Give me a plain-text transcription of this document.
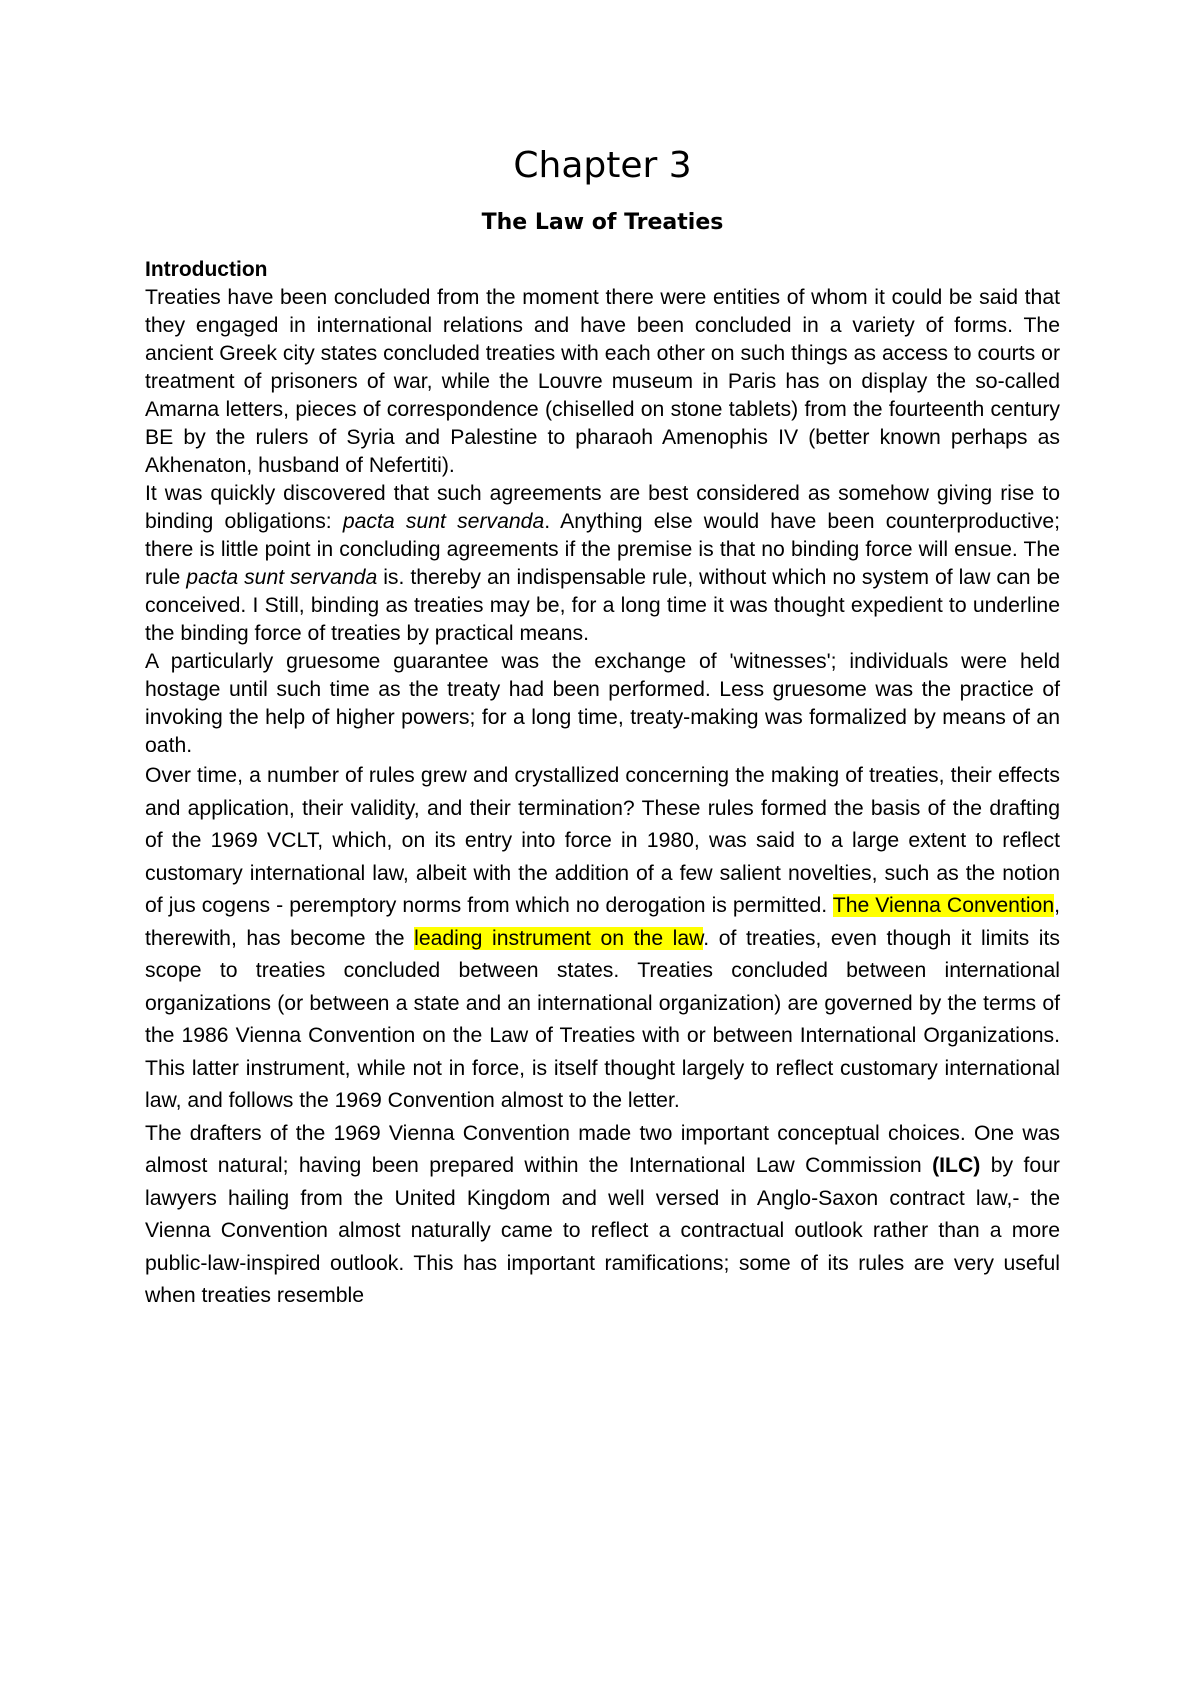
Chapter 3
The Law of Treaties
Introduction

Treaties have been concluded from the moment there were entities of whom it could be said that they engaged in international relations and have been concluded in a variety of forms. The ancient Greek city states concluded treaties with each other on such things as access to courts or treatment of prisoners of war, while the Louvre museum in Paris has on display the so-called Amarna letters, pieces of correspondence (chiselled on stone tablets) from the fourteenth century BE by the rulers of Syria and Palestine to pharaoh Amenophis IV (better known perhaps as Akhenaton, husband of Nefertiti).

It was quickly discovered that such agreements are best considered as somehow giving rise to binding obligations: pacta sunt servanda. Anything else would have been counterproductive; there is little point in concluding agreements if the premise is that no binding force will ensue. The rule pacta sunt servanda is. thereby an indispensable rule, without which no system of law can be conceived. I Still, binding as treaties may be, for a long time it was thought expedient to underline the binding force of treaties by practical means.

A particularly gruesome guarantee was the exchange of 'witnesses'; individuals were held hostage until such time as the treaty had been performed. Less gruesome was the practice of invoking the help of higher powers; for a long time, treaty-making was formalized by means of an oath.

Over time, a number of rules grew and crystallized concerning the making of treaties, their effects and application, their validity, and their termination? These rules formed the basis of the drafting of the 1969 VCLT, which, on its entry into force in 1980, was said to a large extent to reflect customary international law, albeit with the addition of a few salient novelties, such as the notion of jus cogens - peremptory norms from which no derogation is permitted. The Vienna Convention, therewith, has become the leading instrument on the law. of treaties, even though it limits its scope to treaties concluded between states. Treaties concluded between international organizations (or between a state and an international organization) are governed by the terms of the 1986 Vienna Convention on the Law of Treaties with or between International Organizations. This latter instrument, while not in force, is itself thought largely to reflect customary international law, and follows the 1969 Convention almost to the letter.

The drafters of the 1969 Vienna Convention made two important conceptual choices. One was almost natural; having been prepared within the International Law Commission (ILC) by four lawyers hailing from the United Kingdom and well versed in Anglo-Saxon contract law,- the Vienna Convention almost naturally came to reflect a contractual outlook rather than a more public-law-inspired outlook. This has important ramifications; some of its rules are very useful when treaties resemble
